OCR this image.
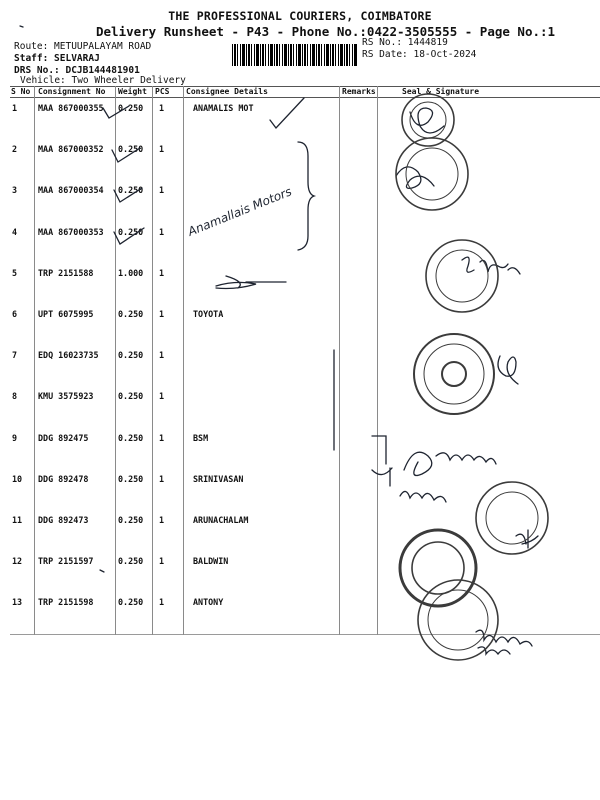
THE PROFESSIONAL COURIERS, COIMBATORE
Delivery Runsheet - P43 - Phone No.:0422-3505555 - Page No.:1
Route: METUUPALAYAM ROAD
Staff: SELVARAJ
DRS No.: DCJB144481901
Vehicle: Two Wheeler Delivery
RS No.: 1444819
RS Date: 18-Oct-2024
S No Consignment No Weight PCS Consignee Details	Remarks	Seal & Signature
1 MAA 867000355 0.250 1	ANAMALIS MOT
2 MAA 867000352 0.250 1
3 MAA 867000354 0.250 1
4 MAA 867000353 0.250 1
5 TRP 2151588	1.000 1
6 UPT 6075995	0.250 1	TOYOTA
7 EDQ 16023735 0.250 1
8 KMU 3575923	0.250 1
9 DDG 892475	0.250 1	BSM
10 DDG 892478	0.250 1	SRINIVASAN
11 DDG 892473	0.250 1	ARUNACHALAM
12 TRP 2151597	0.250 1	BALDWIN
13 TRP 2151598	0.250 1	ANTONY
Anamallais Motors
